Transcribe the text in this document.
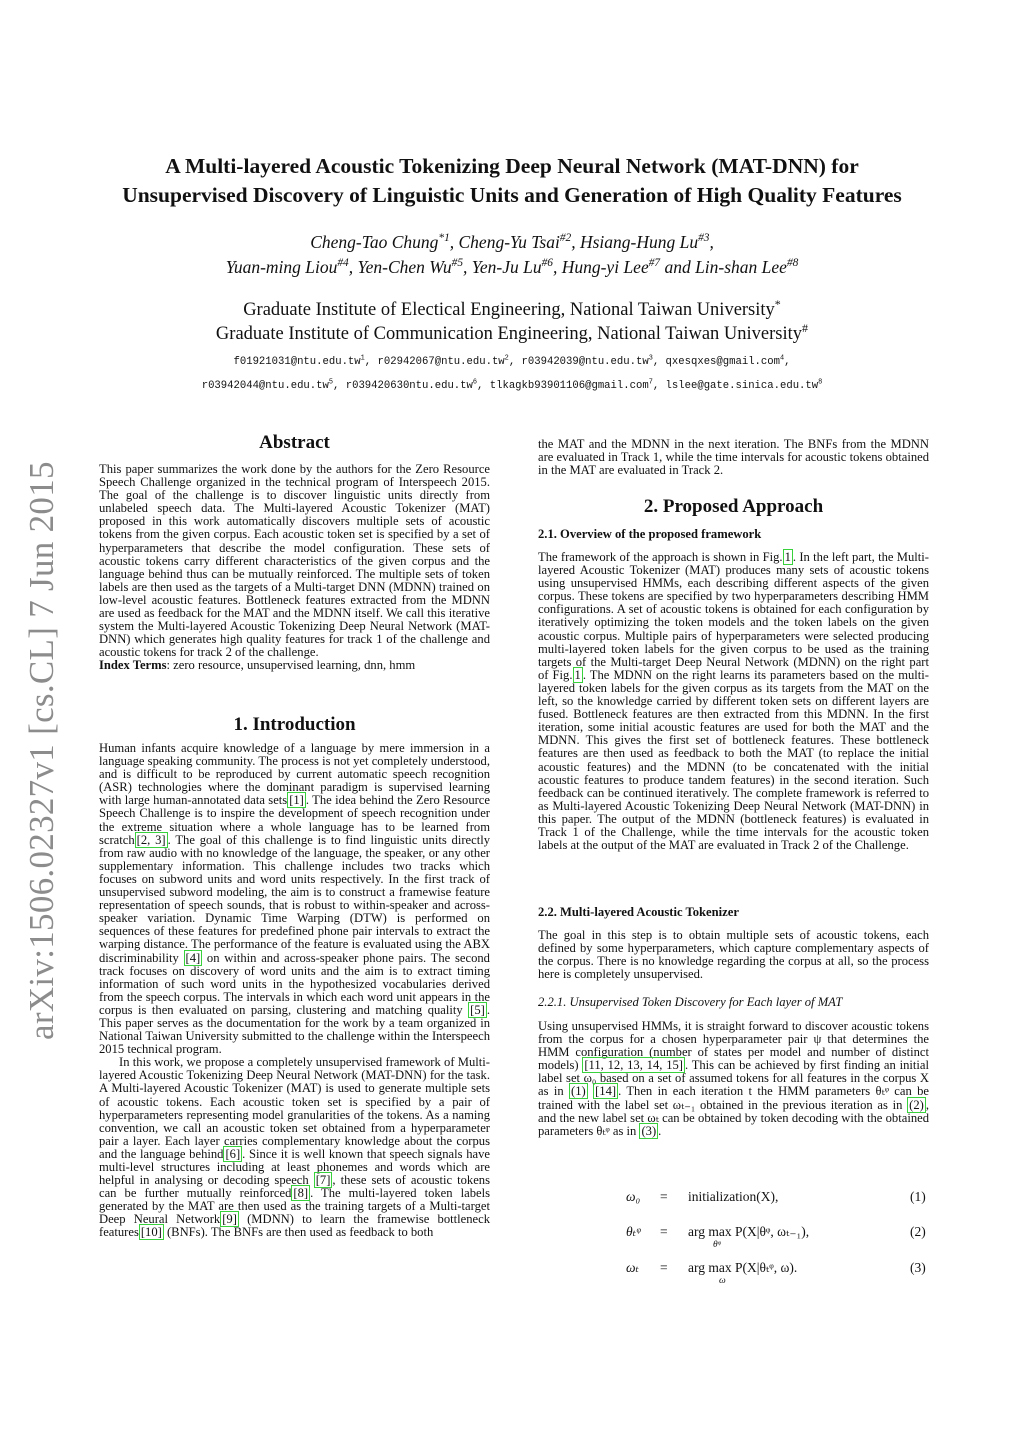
A Multi-layered Acoustic Tokenizing Deep Neural Network (MAT-DNN) for
Unsupervised Discovery of Linguistic Units and Generation of High Quality Features
Cheng-Tao Chung$^{*1}$, Cheng-Yu Tsai$^{\#2}$, Hsiang-Hung Lu$^{\#3}$,
Yuan-ming Liou$^{\#4}$, Yen-Chen Wu$^{\#5}$, Yen-Ju Lu$^{\#6}$, Hung-yi Lee$^{\#7}$ and Lin-shan Lee$^{\#8}$
Graduate Institute of Electical Engineering, National Taiwan University*
Graduate Institute of Communication Engineering, National Taiwan University#
$f01921031@ntu.edu.tw^1$, $r02942067@ntu.edu.tw^2$, $r03942039@ntu.edu.tw^3$, qxesqxes@gmail.com$^4$,
$r03942044@ntu.edu.tw^5$, $r039420630ntu.edu.tw^6$, tlkagkb93901106@gmail.com$^7$, $lslee@gate.sinica.edu.tw^8$
arXiv:1506.02327v1 [cs.CL] 7 Jun 2015
Abstract

This paper summarizes the work done by the authors for the Zero Resource Speech Challenge organized in the technical program of Interspeech 2015. The goal of the challenge is to discover linguistic units directly from unlabeled speech data. The Multi-layered Acoustic Tokenizer (MAT) proposed in this work automatically discovers multiple sets of acoustic tokens from the given corpus. Each acoustic token set is specified by a set of hyperparameters that describe the model configuration. These sets of acoustic tokens carry different characteristics of the given corpus and the language behind thus can be mutually reinforced. The multiple sets of token labels are then used as the targets of a Multi-target DNN (MDNN) trained on low-level acoustic features. Bottleneck features extracted from the MDNN are used as feedback for the MAT and the MDNN itself. We call this iterative system the Multi-layered Acoustic Tokenizing Deep Neural Network (MAT-DNN) which generates high quality features for track 1 of the challenge and acoustic tokens for track 2 of the challenge.

Index Terms: zero resource, unsupervised learning, dnn, hmm

1. Introduction

Human infants acquire knowledge of a language by mere immersion in a language speaking community. The process is not yet completely understood, and is difficult to be reproduced by current automatic speech recognition (ASR) technologies where the dominant paradigm is supervised learning with large human-annotated data sets [1] . The idea behind the Zero Resource Speech Challenge is to inspire the development of speech recognition under the extreme situation where a whole language has to be learned from scratch [2, 3] . The goal of this challenge is to find linguistic units directly from raw audio with no knowledge of the language, the speaker, or any other supplementary information. This challenge includes two tracks which focuses on subword units and word units respectively. In the first track of unsupervised subword modeling, the aim is to construct a framewise feature representation of speech sounds, that is robust to within-speaker and across-speaker variation. Dynamic Time Warping (DTW) is performed on sequences of these features for predefined phone pair intervals to extract the warping distance. The performance of the feature is evaluated using the ABX discriminability [4] on within and across-speaker phone pairs. The second track focuses on discovery of word units and the aim is to extract timing information of such word units in the hypothesized vocabularies derived from the speech corpus. The intervals in which each word unit appears in the corpus is then evaluated on parsing, clustering and matching quality [5] . This paper serves as the documentation for the work by a team organized in National Taiwan University submitted to the challenge within the Interspeech 2015 technical program.

In this work, we propose a completely unsupervised framework of Multi-layered Acoustic Tokenizing Deep Neural Network (MAT-DNN) for the task. A Multi-layered Acoustic Tokenizer (MAT) is used to generate multiple sets of acoustic tokens. Each acoustic token set is specified by a pair of hyperparameters representing model granularities of the tokens. As a naming convention, we call an acoustic token set obtained from a hyperparameter pair a layer. Each layer carries complementary knowledge about the corpus and the language behind [6] . Since it is well known that speech signals have multi-level structures including at least phonemes and words which are helpful in analysing or decoding speech [7] , these sets of acoustic tokens can be further mutually reinforced [8] . The multi-layered token labels generated by the MAT are then used as the training targets of a Multi-target Deep Neural Network [9] (MDNN) to learn the framewise bottleneck features [10] (BNFs). The BNFs are then used as feedback to both

the MAT and the MDNN in the next iteration. The BNFs from the MDNN are evaluated in Track 1, while the time intervals for acoustic tokens obtained in the MAT are evaluated in Track 2.

2. Proposed Approach
2.1. Overview of the proposed framework

The framework of the approach is shown in Fig. 1 . In the left part, the Multi-layered Acoustic Tokenizer (MAT) produces many sets of acoustic tokens using unsupervised HMMs, each describing different aspects of the given corpus. These tokens are specified by two hyperparameters describing HMM configurations. A set of acoustic tokens is obtained for each configuration by iteratively optimizing the token models and the token labels on the given acoustic corpus. Multiple pairs of hyperparameters were selected producing multi-layered token labels for the given corpus to be used as the training targets of the Multi-target Deep Neural Network (MDNN) on the right part of Fig. 1 . The MDNN on the right learns its parameters based on the multi-layered token labels for the given corpus as its targets from the MAT on the left, so the knowledge carried by different token sets on different layers are fused. Bottleneck features are then extracted from this MDNN. In the first iteration, some initial acoustic features are used for both the MAT and the MDNN. This gives the first set of bottleneck features. These bottleneck features are then used as feedback to both the MAT (to replace the initial acoustic features) and the MDNN (to be concatenated with the initial acoustic features to produce tandem features) in the second iteration. Such feedback can be continued iteratively. The complete framework is referred to as Multi-layered Acoustic Tokenizing Deep Neural Network (MAT-DNN) in this paper. The output of the MDNN (bottleneck features) is evaluated in Track 1 of the Challenge, while the time intervals for the acoustic token labels at the output of the MAT are evaluated in Track 2 of the Challenge.

2.2. Multi-layered Acoustic Tokenizer

The goal in this step is to obtain multiple sets of acoustic tokens, each defined by some hyperparameters, which capture complementary aspects of the corpus. There is no knowledge regarding the corpus at all, so the process here is completely unsupervised.

2.2.1. Unsupervised Token Discovery for Each layer of MAT

Using unsupervised HMMs, it is straight forward to discover acoustic tokens from the corpus for a chosen hyperparameter pair ψ that determines the HMM configuration (number of states per model and number of distinct models) [11, 12, 13, 14, 15] . This can be achieved by first finding an initial label set ω₀ based on a set of assumed tokens for all features in the corpus X as in (1) [14] . Then in each iteration t the HMM parameters θₜᵠ can be trained with the label set ωₜ₋₁ obtained in the previous iteration as in (2) , and the new label set ωₜ can be obtained by token decoding with the obtained parameters θₜᵠ as in (3) .

ω₀ = initialization(X),	(1)
θₜᵠ = arg max P(X|θᵠ, ωₜ₋₁),
θᵠ
(2)
ωₜ = arg max P(X|θₜᵠ, ω).
ω
(3)
